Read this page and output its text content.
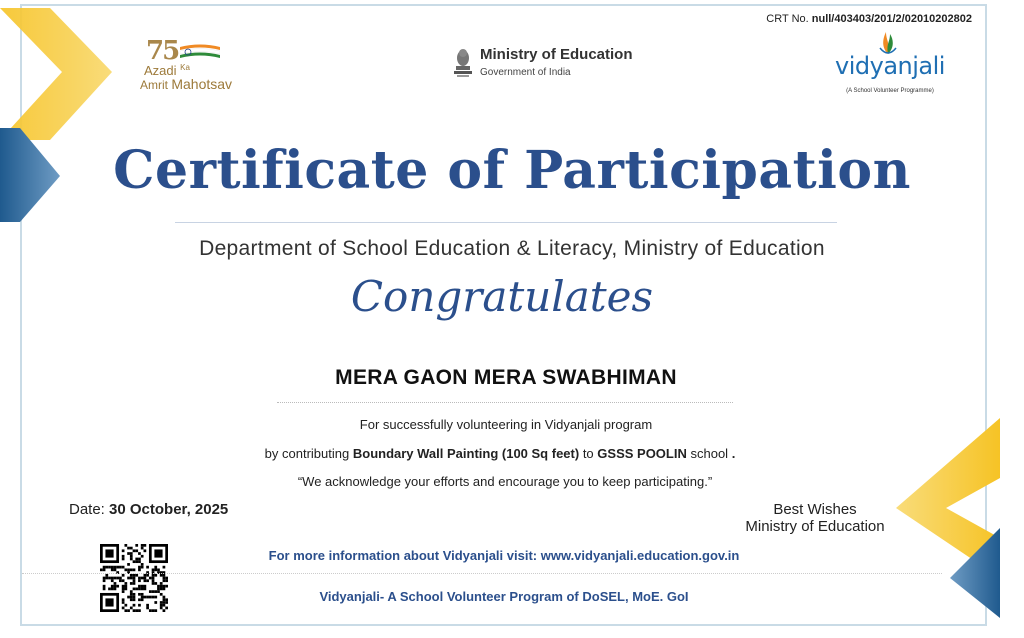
CRT No. null/403403/201/2/02010202802
75
Azadi $^{Ka}$
Amrit Mahotsav
Ministry of Education
Government of India	vidyanjali
(A School Volunteer Programme)
Certificate of Participation
Department of School Education & Literacy, Ministry of Education
Congratulates
MERA GAON MERA SWABHIMAN
For successfully volunteering in Vidyanjali program
by contributing Boundary Wall Painting (100 Sq feet) to GSSS POOLIN school .
“We acknowledge your efforts and encourage you to keep participating.”
Date: 30 October, 2025	Best Wishes
Ministry of Education
For more information about Vidyanjali visit: www.vidyanjali.education.gov.in
Vidyanjali- A School Volunteer Program of DoSEL, MoE. GoI
